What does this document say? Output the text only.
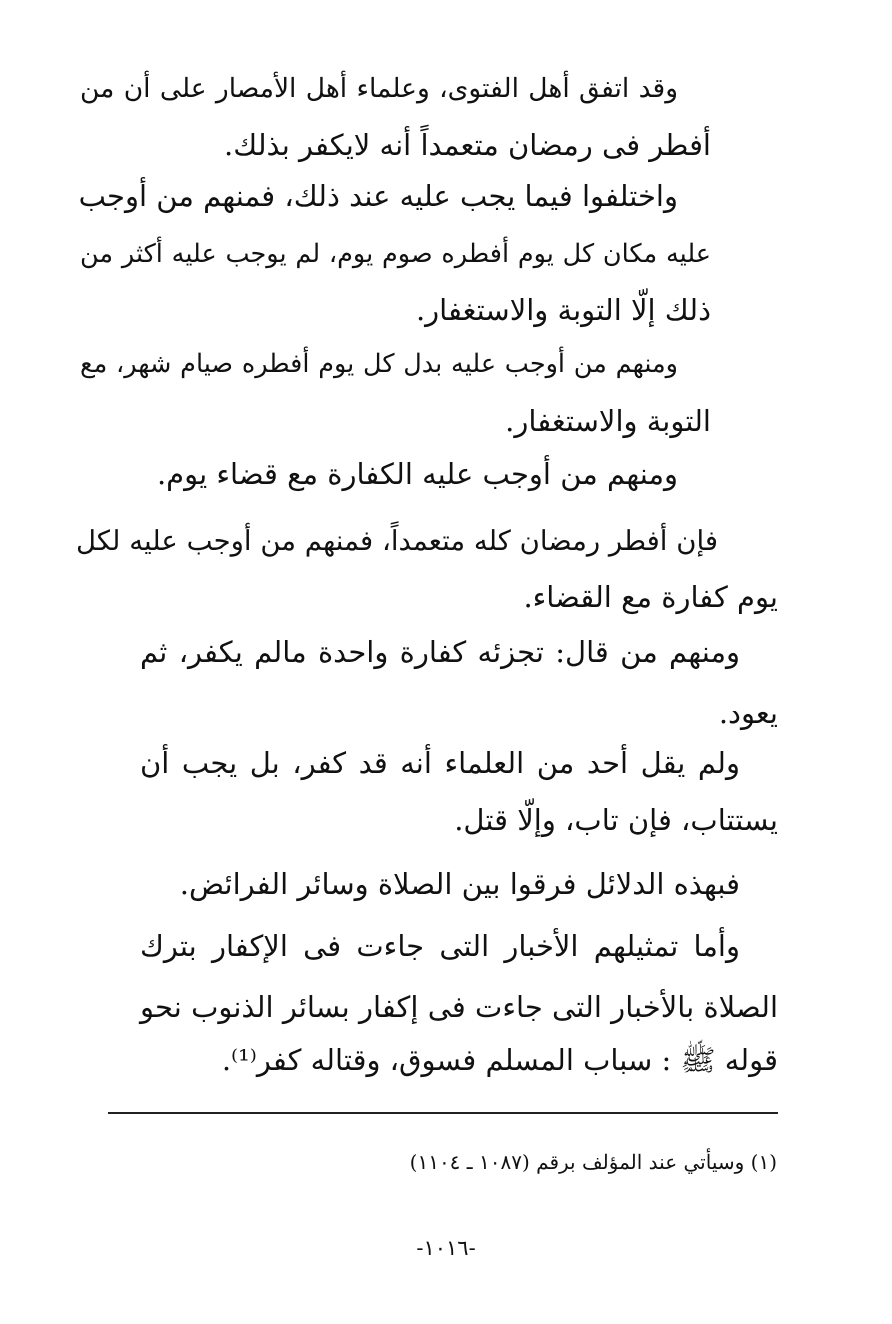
وقد اتفق أهل الفتوى، وعلماء أهل الأمصار على أن من
أفطر فى رمضان متعمداً أنه لايكفر بذلك.
واختلفوا فيما يجب عليه عند ذلك، فمنهم من أوجب
عليه مكان كل يوم أفطره صوم يوم، لم يوجب عليه أكثر من
ذلك إلّا التوبة والاستغفار.
ومنهم من أوجب عليه بدل كل يوم أفطره صيام شهر، مع
التوبة والاستغفار.
ومنهم من أوجب عليه الكفارة مع قضاء يوم.
فإن أفطر رمضان كله متعمداً، فمنهم من أوجب عليه لكل
يوم كفارة مع القضاء.
ومنهم من قال: تجزئه كفارة واحدة مالم يكفر، ثم
يعود.
ولم يقل أحد من العلماء أنه قد كفر، بل يجب أن
يستتاب، فإن تاب، وإلّا قتل.
فبهذه الدلائل فرقوا بين الصلاة وسائر الفرائض.
وأما تمثيلهم الأخبار التى جاءت فى الإكفار بترك
الصلاة بالأخبار التى جاءت فى إكفار بسائر الذنوب نحو
قوله ﷺ : سباب المسلم فسوق، وقتاله كفر⁽¹⁾.
(١) وسيأتي عند المؤلف برقم (١٠٨٧ ـ ١١٠٤)
-١٠١٦-
